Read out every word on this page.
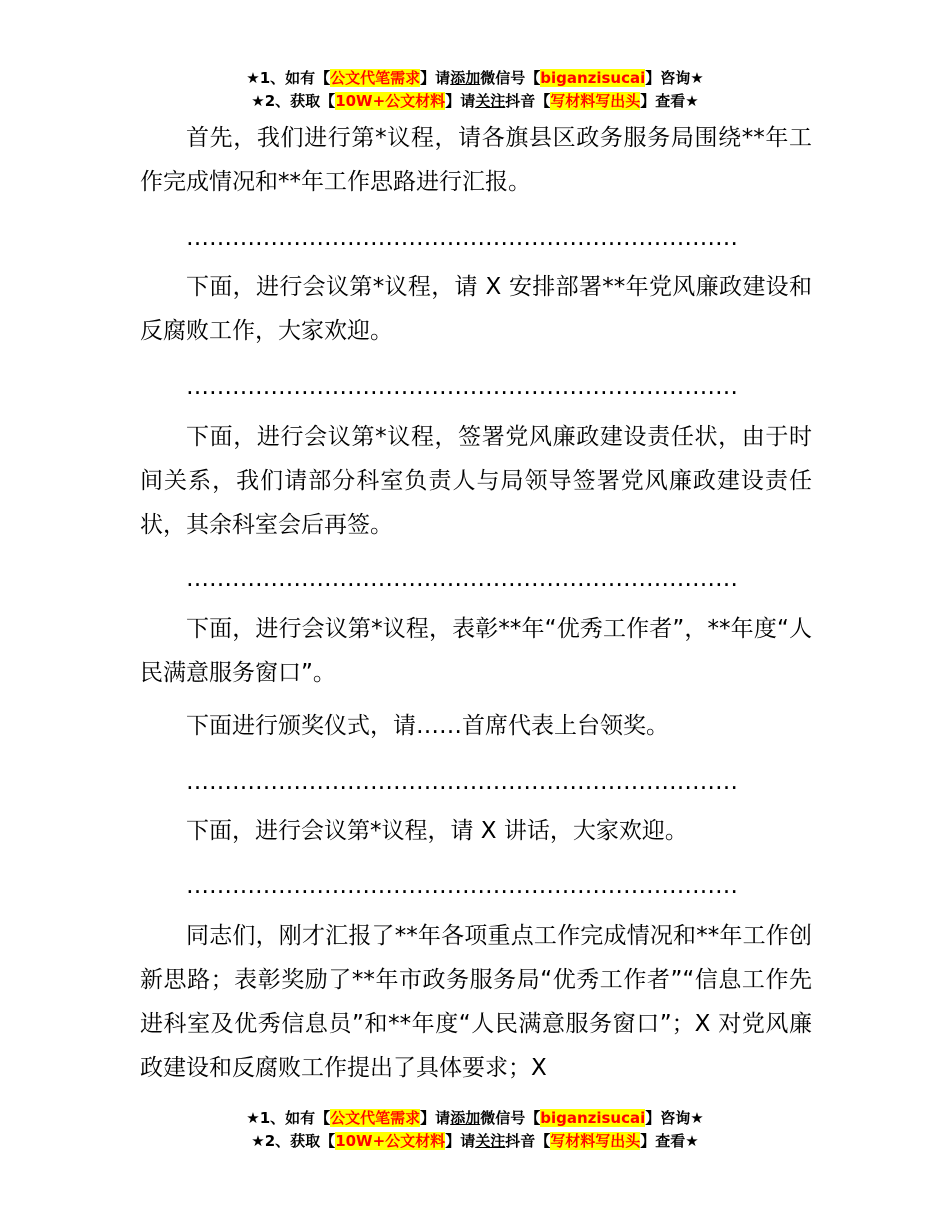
★1、如有【公文代笔需求】请添加微信号【biganzisucai】咨询★
★2、获取【10W+公文材料】请关注抖音【写材料写出头】查看★

首先，我们进行第*议程，请各旗县区政务服务局围绕**年工作完成情况和**年工作思路进行汇报。

………………………………………………………………

下面，进行会议第*议程，请 X 安排部署**年党风廉政建设和反腐败工作，大家欢迎。

………………………………………………………………

下面，进行会议第*议程，签署党风廉政建设责任状，由于时间关系，我们请部分科室负责人与局领导签署党风廉政建设责任状，其余科室会后再签。

………………………………………………………………

下面，进行会议第*议程，表彰**年“优秀工作者”，**年度“人民满意服务窗口”。

下面进行颁奖仪式，请……首席代表上台领奖。

………………………………………………………………

下面，进行会议第*议程，请 X 讲话，大家欢迎。

………………………………………………………………

同志们，刚才汇报了**年各项重点工作完成情况和**年工作创新思路；表彰奖励了**年市政务服务局“优秀工作者”“信息工作先进科室及优秀信息员”和**年度“人民满意服务窗口”；X 对党风廉政建设和反腐败工作提出了具体要求；X

★1、如有【公文代笔需求】请添加微信号【biganzisucai】咨询★
★2、获取【10W+公文材料】请关注抖音【写材料写出头】查看★
